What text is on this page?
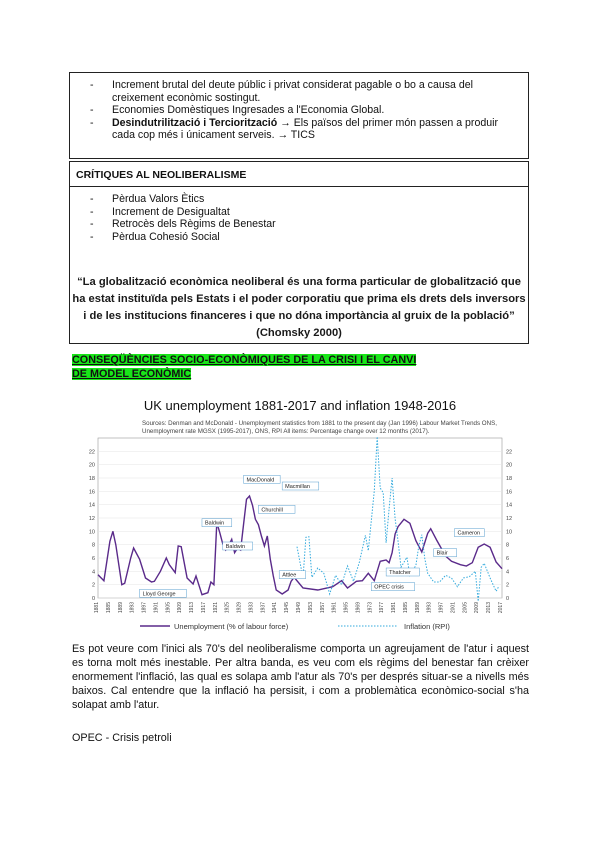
- Increment brutal del deute públic i privat considerat pagable o bo a causa del creixement econòmic sostingut.
- Economies Domèstiques Ingresades a l'Economia Global.
- Desindutrilització i Terciorització → Els països del primer món passen a produir cada cop més i únicament serveis. → TICS
CRÍTIQUES AL NEOLIBERALISME
- Pèrdua Valors Ètics
- Increment de Desigualtat
- Retrocès dels Règims de Benestar
- Pèrdua Cohesió Social
“La globalització econòmica neoliberal és una forma particular de globalització que ha estat instituïda pels Estats i el poder corporatiu que prima els drets dels inversors i de les institucions financeres i que no dóna importància al gruix de la població”
(Chomsky 2000)
CONSEQÜÈNCIES SOCIO-ECONÒMIQUES DE LA CRISI I EL CANVI DE MODEL ECONÒMIC
0	0
2	2
4	4
6	6
8	8
10	10
12	12
14	14
16	16
18	18
20	20
22	22
1881 1885 1889 1893 1897 1901 1905 1909 1913 1917 1921 1925 1929 1933 1937 1941 1945 1949 1953 1957 1961 1965 1969 1973 1977 1981 1985 1989 1993 1997 2001 2005 2009 2013 2017
MacDonald
Baldwin
Baldwin
Churchill
Lloyd George
Attlee	Thatcher
OPEC crisis
Blair
Cameron
Macmillan
Unemployment (% of labour force)	Inflation (RPI)
UK unemployment 1881-2017 and inflation 1948-2016
Sources: Denman and McDonald - Unemployment statistics from 1881 to the present day (Jan 1996) Labour Market Trends ONS, Unemployment rate MGSX (1995-2017), ONS, RPI All items: Percentage change over 12 months (2017).
Es pot veure com l'inici als 70's del neoliberalisme comporta un agreujament de l'atur i aquest es torna molt més inestable. Per altra banda, es veu com els règims del benestar fan crèixer enormement l'inflació, las qual es solapa amb l'atur als 70's per després situar-se a nivells més baixos. Cal entendre que la inflació ha persisit, i com a problemàtica econòmico-social s'ha solapat amb l'atur.
OPEC - Crisis petroli
